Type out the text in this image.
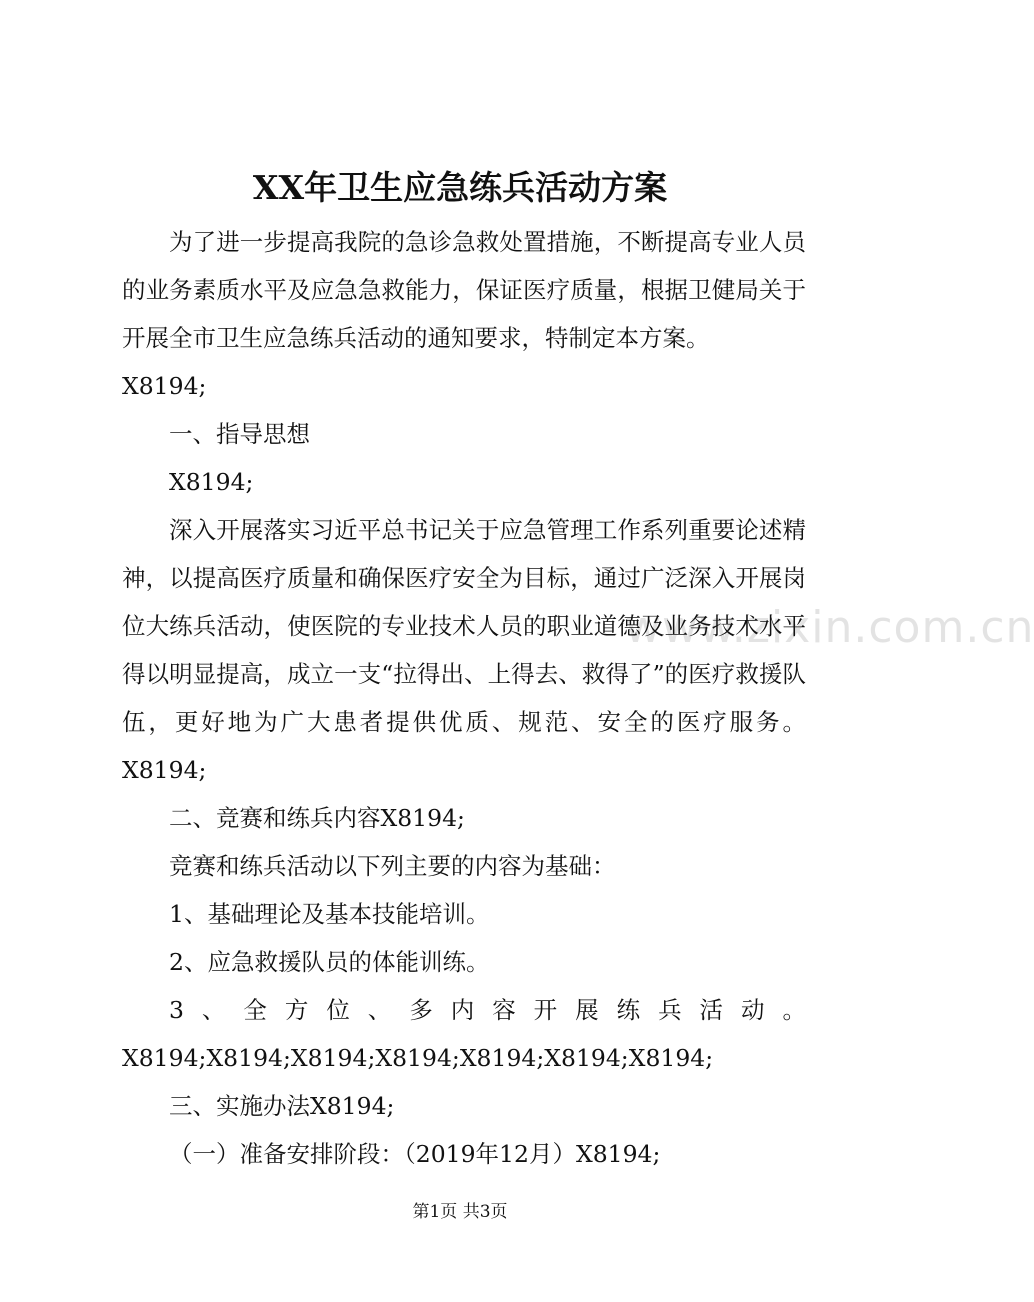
www.zixin.com.cn
XX年卫生应急练兵活动方案

为了进一步提高我院的急诊急救处置措施，不断提高专业人员的业务素质水平及应急急救能力，保证医疗质量，根据卫健局关于开展全市卫生应急练兵活动的通知要求，特制定本方案。

X8194;

一、指导思想

X8194;

深入开展落实习近平总书记关于应急管理工作系列重要论述精神，以提高医疗质量和确保医疗安全为目标，通过广泛深入开展岗位大练兵活动，使医院的专业技术人员的职业道德及业务技术水平得以明显提高，成立一支“拉得出、上得去、救得了”的医疗救援队伍，更好地为广大患者提供优质、规范、安全的医疗服务。X8194;

二、竞赛和练兵内容X8194;

竞赛和练兵活动以下列主要的内容为基础：

1、基础理论及基本技能培训。

2、应急救援队员的体能训练。

3、全方位、多内容开展练兵活动。

X8194;X8194;X8194;X8194;X8194;X8194;X8194;

三、实施办法X8194;

（一）准备安排阶段：（2019年12月）X8194;

第1页 共3页
